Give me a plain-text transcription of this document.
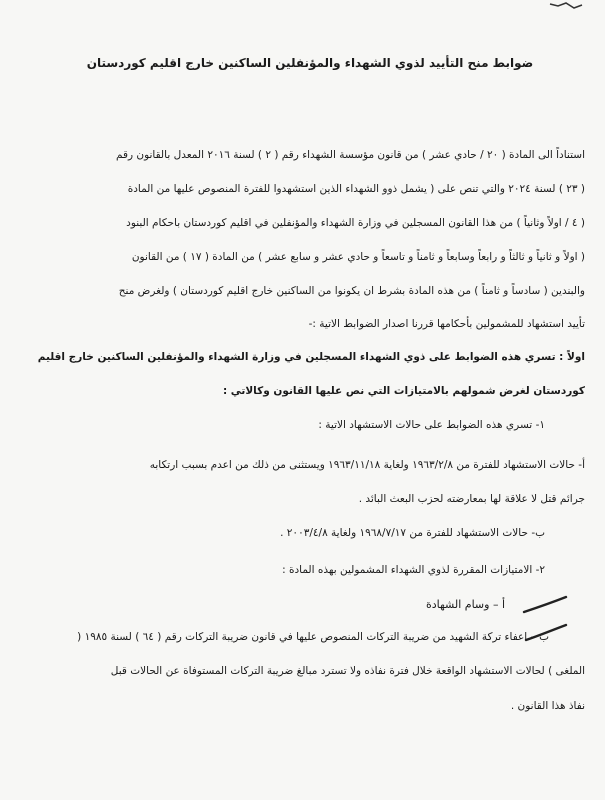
ضوابط منح التأييد لذوي الشهداء والمؤنفلين الساكنين خارج اقليم كوردستان
استناداً الى المادة ( ٢٠ / حادي عشر ) من قانون مؤسسة الشهداء رقم ( ٢ ) لسنة ٢٠١٦ المعدل بالقانون رقم
( ٢٣ ) لسنة ٢٠٢٤ والتي تنص على ( يشمل ذوو الشهداء الذين استشهدوا للفترة المنصوص عليها من المادة
( ٤ / اولاً وثانياً ) من هذا القانون المسجلين في وزارة الشهداء والمؤنفلين في اقليم كوردستان باحكام البنود
( اولاً و ثانياً و ثالثاً و رابعاً وسابعاً و ثامناً و تاسعاً و حادي عشر و سابع عشر ) من المادة ( ١٧ ) من القانون
والبندين ( سادساً و ثامناً ) من هذه المادة بشرط ان يكونوا من الساكنين خارج اقليم كوردستان ) ولغرض منح
تأييد استشهاد للمشمولين بأحكامها قررنا اصدار الضوابط الاتية :-
اولاً : تسري هذه الضوابط على ذوي الشهداء المسجلين في وزارة الشهداء والمؤنفلين الساكنين خارج اقليم
كوردستان لغرض شمولهم بالامتيازات التي نص عليها القانون وكالاتي :
١- تسري هذه الضوابط على حالات الاستشهاد الاتية :
أ- حالات الاستشهاد للفترة من ١٩٦٣/٢/٨ ولغاية ١٩٦٣/١١/١٨ ويستثنى من ذلك من اعدم بسبب ارتكابه
جرائم قتل لا علاقة لها بمعارضته لحزب البعث البائد .
ب- حالات الاستشهاد للفترة من ١٩٦٨/٧/١٧ ولغاية ٢٠٠٣/٤/٨ .
٢- الامتيازات المقررة لذوي الشهداء المشمولين بهذه المادة :
أ – وسام الشهادة
ب – اعفاء تركة الشهيد من ضريبة التركات المنصوص عليها في قانون ضريبة التركات رقم ( ٦٤ ) لسنة ١٩٨٥ (
الملغى ) لحالات الاستشهاد الواقعة خلال فترة نفاذه ولا تسترد مبالغ ضريبة التركات المستوفاة عن الحالات قبل
نفاذ هذا القانون .
